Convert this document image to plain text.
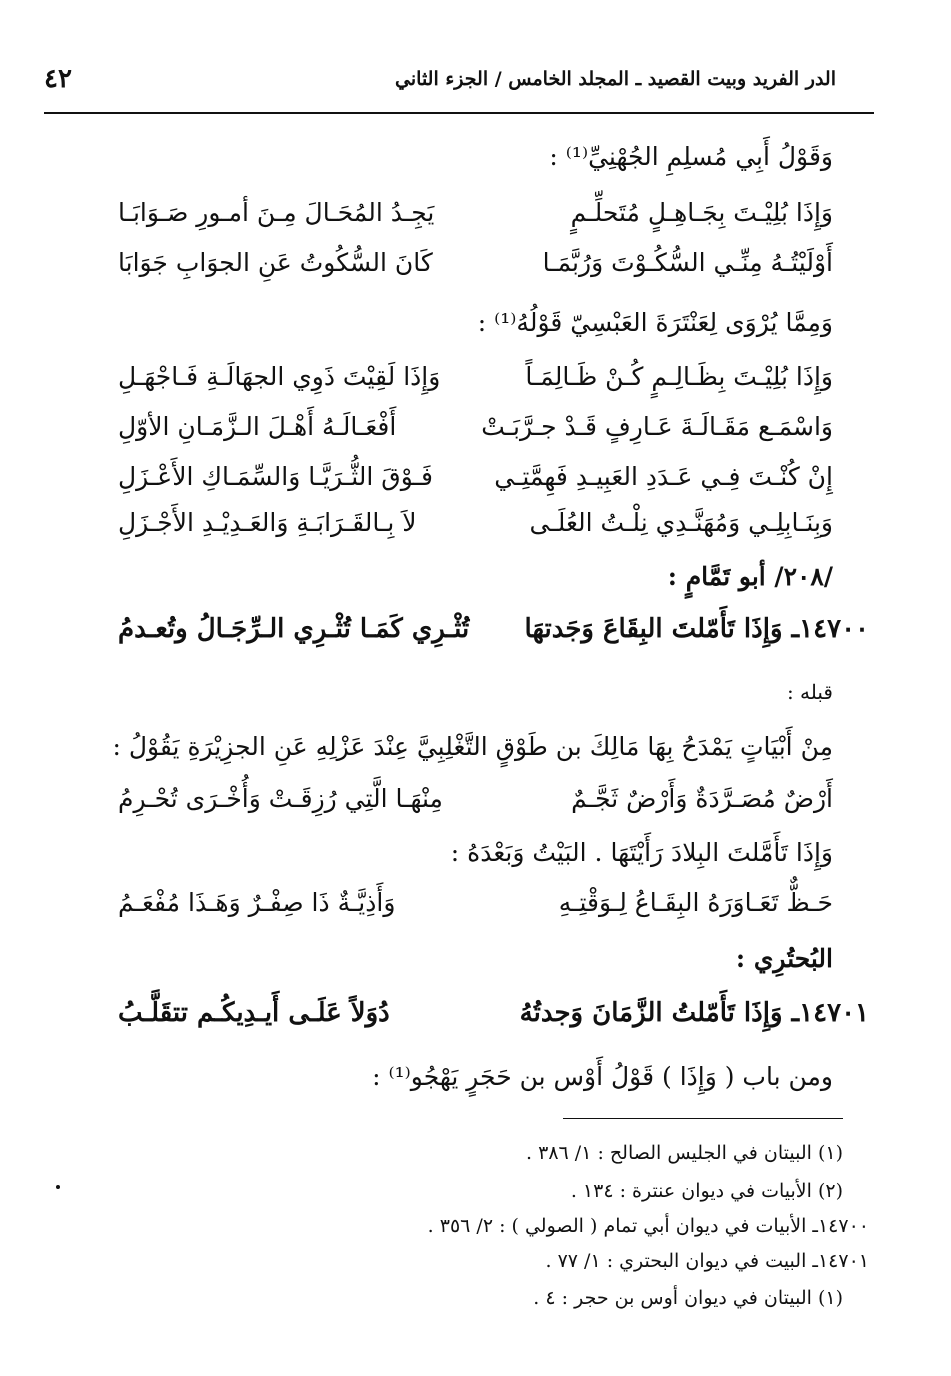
الدر الفريد وبيت القصيد ـ المجلد الخامس / الجزء الثاني
٤٢
وَقَوْلُ أَبِي مُسلِمِ الجُهْنِيِّ⁽¹⁾ :
وَإِذَا بُلِيْـتَ بِجَـاهِـلٍ مُتَحلِّـمٍ
يَجِـدُ المُحَـالَ مِـنَ أمـورِ صَـوَابَـا
أَوْلَيْتُـهُ مِنِّـي السُّكُـوْتَ وَرُبَّمَـا
كَانَ السُّكُوتُ عَنِ الجوَابِ جَوَابَا
وَمِمَّا يُرْوَى لِعَنْتَرَةَ العَبْسِيّ قَوْلُهُ⁽¹⁾ :
وَإِذَا بُلِيْـتَ بِظَـالِـمٍ كُـنْ ظَـالِمَـاً
وَإِذَا لَقِيْتَ ذَوِي الجهَالَـةِ فَـاجْهَـلِ
وَاسْمَـع مَقَـالَـةَ عَـارِفٍ قَـدْ جـرَّبَـتْ
أَفْعَـالَـهُ أَهْـلَ الـزَّمَـانِ الأوّلِ
إِنْ كُنْـتَ فِـي عَـدَدِ العَبِيـدِ فَهِمَّتِـي
فَـوْقَ الثُّـرَيَّـا وَالسِّمَـاكِ الأَعْـزَلِ
وَبِنَـابِلِـي وَمُهَنَّـدِي نِلْـتُ العُلَـى
لاَ بِـالقَـرَابَـةِ وَالعَـدِيْـدِ الأَجْـزَلِ
/٢٠٨/ أبو تَمَّامٍ :
١٤٧٠٠ـ وَإِذَا تَأَمّلتَ البِقَاعَ وَجَدتهَا
تُثْـرِي كَمَـا تُثْـرِي الـرِّجَـالُ وتُعـدمُ
قبله :
مِنْ أَبْيَاتٍ يَمْدَحُ بِهَا مَالِكَ بن طَوْقٍ التَّغْلِبِيَّ عِنْدَ عَزْلِهِ عَنِ الجزِيْرَةِ يَقُوْلُ :
أَرْضٌ مُصَـرَّدَةٌ وَأَرْضٌ ثَجَّـمٌ
مِنْهَـا الَّتِي رُزِقَـتْ وَأُخْـرَى تُحْـرِمُ
وَإِذَا تَأَمَّلتَ البِلادَ رَأَيْتَهَا . البَيْتُ وَبَعْدَهُ :
حَـظٌّ تَعَـاوَرَهُ البِقَـاعُ لِـوَقْتِـهِ
وَأَذِيَّـةٌ ذَا صِفْـرٌ وَهَـذَا مُفْعَـمُ
البُحتُرِي :
١٤٧٠١ـ وَإِذَا تَأَمّلتُ الزَّمَانَ وَجدتُهُ
دُوَلاً عَلَـى أَيـدِيكُـم تتقَلَّـبُ
ومن باب ( وَإِذَا ) قَوْلُ أَوْس بن حَجَرٍ يَهْجُو⁽¹⁾ :
(١) البيتان في الجليس الصالح : ١/ ٣٨٦ .
(٢) الأبيات في ديوان عنترة : ١٣٤ .
١٤٧٠٠ـ الأبيات في ديوان أبي تمام ( الصولي ) : ٢/ ٣٥٦ .
١٤٧٠١ـ البيت في ديوان البحتري : ١/ ٧٧ .
(١) البيتان في ديوان أوس بن حجر : ٤ .
